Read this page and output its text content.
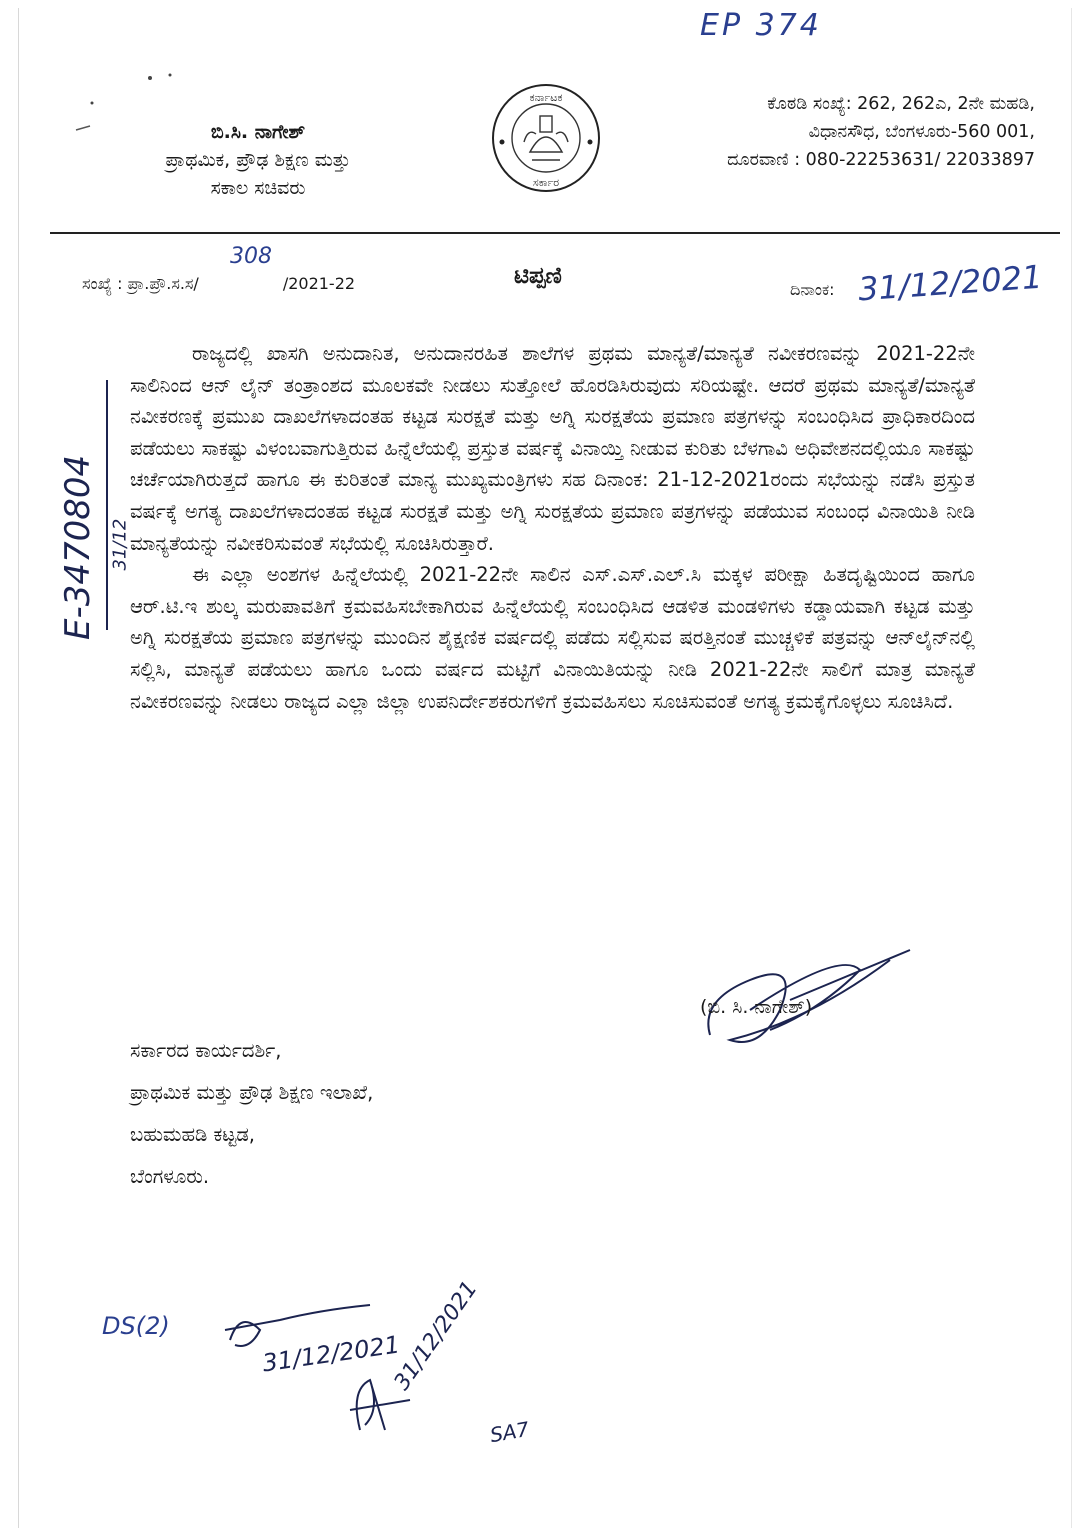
EP 374
ಬಿ.ಸಿ. ನಾಗೇಶ್
ಪ್ರಾಥಮಿಕ, ಪ್ರೌಢ ಶಿಕ್ಷಣ ಮತ್ತು
ಸಕಾಲ ಸಚಿವರು
ಕರ್ನಾಟಕ
ಸರ್ಕಾರ
ಕೊಠಡಿ ಸಂಖ್ಯೆ: 262, 262ಎ, 2ನೇ ಮಹಡಿ,
ವಿಧಾನಸೌಧ, ಬೆಂಗಳೂರು-560 001,
ದೂರವಾಣಿ : 080-22253631/ 22033897
ಸಂಖ್ಯೆ : ಪ್ರಾ.ಪ್ರೌ.ಸ.ಸ/	/2021-22
308
ಟಿಪ್ಪಣಿ
ದಿನಾಂಕ: 31/12/2021
E-3470804 31/12

ರಾಜ್ಯದಲ್ಲಿ ಖಾಸಗಿ ಅನುದಾನಿತ, ಅನುದಾನರಹಿತ ಶಾಲೆಗಳ ಪ್ರಥಮ ಮಾನ್ಯತೆ/ಮಾನ್ಯತೆ ನವೀಕರಣವನ್ನು 2021-22ನೇ ಸಾಲಿನಿಂದ ಆನ್ ಲೈನ್ ತಂತ್ರಾಂಶದ ಮೂಲಕವೇ ನೀಡಲು ಸುತ್ತೋಲೆ ಹೊರಡಿಸಿರುವುದು ಸರಿಯಷ್ಟೇ. ಆದರೆ ಪ್ರಥಮ ಮಾನ್ಯತೆ/ಮಾನ್ಯತೆ ನವೀಕರಣಕ್ಕೆ ಪ್ರಮುಖ ದಾಖಲೆಗಳಾದಂತಹ ಕಟ್ಟಡ ಸುರಕ್ಷತೆ ಮತ್ತು ಅಗ್ನಿ ಸುರಕ್ಷತೆಯ ಪ್ರಮಾಣ ಪತ್ರಗಳನ್ನು ಸಂಬಂಧಿಸಿದ ಪ್ರಾಧಿಕಾರದಿಂದ ಪಡೆಯಲು ಸಾಕಷ್ಟು ವಿಳಂಬವಾಗುತ್ತಿರುವ ಹಿನ್ನೆಲೆಯಲ್ಲಿ ಪ್ರಸ್ತುತ ವರ್ಷಕ್ಕೆ ವಿನಾಯ್ತಿ ನೀಡುವ ಕುರಿತು ಬೆಳಗಾವಿ ಅಧಿವೇಶನದಲ್ಲಿಯೂ ಸಾಕಷ್ಟು ಚರ್ಚೆಯಾಗಿರುತ್ತದೆ ಹಾಗೂ ಈ ಕುರಿತಂತೆ ಮಾನ್ಯ ಮುಖ್ಯಮಂತ್ರಿಗಳು ಸಹ ದಿನಾಂಕ: 21-12-2021ರಂದು ಸಭೆಯನ್ನು ನಡೆಸಿ ಪ್ರಸ್ತುತ ವರ್ಷಕ್ಕೆ ಅಗತ್ಯ ದಾಖಲೆಗಳಾದಂತಹ ಕಟ್ಟಡ ಸುರಕ್ಷತೆ ಮತ್ತು ಅಗ್ನಿ ಸುರಕ್ಷತೆಯ ಪ್ರಮಾಣ ಪತ್ರಗಳನ್ನು ಪಡೆಯುವ ಸಂಬಂಧ ವಿನಾಯಿತಿ ನೀಡಿ ಮಾನ್ಯತೆಯನ್ನು ನವೀಕರಿಸುವಂತೆ ಸಭೆಯಲ್ಲಿ ಸೂಚಿಸಿರುತ್ತಾರೆ.

ಈ ಎಲ್ಲಾ ಅಂಶಗಳ ಹಿನ್ನೆಲೆಯಲ್ಲಿ 2021-22ನೇ ಸಾಲಿನ ಎಸ್.ಎಸ್.ಎಲ್.ಸಿ ಮಕ್ಕಳ ಪರೀಕ್ಷಾ ಹಿತದೃಷ್ಟಿಯಿಂದ ಹಾಗೂ ಆರ್.ಟಿ.ಇ ಶುಲ್ಕ ಮರುಪಾವತಿಗೆ ಕ್ರಮವಹಿಸಬೇಕಾಗಿರುವ ಹಿನ್ನೆಲೆಯಲ್ಲಿ ಸಂಬಂಧಿಸಿದ ಆಡಳಿತ ಮಂಡಳಿಗಳು ಕಡ್ಡಾಯವಾಗಿ ಕಟ್ಟಡ ಮತ್ತು ಅಗ್ನಿ ಸುರಕ್ಷತೆಯ ಪ್ರಮಾಣ ಪತ್ರಗಳನ್ನು ಮುಂದಿನ ಶೈಕ್ಷಣಿಕ ವರ್ಷದಲ್ಲಿ ಪಡೆದು ಸಲ್ಲಿಸುವ ಷರತ್ತಿನಂತೆ ಮುಚ್ಚಳಿಕೆ ಪತ್ರವನ್ನು ಆನ್‌ಲೈನ್‌ನಲ್ಲಿ ಸಲ್ಲಿಸಿ, ಮಾನ್ಯತೆ ಪಡೆಯಲು ಹಾಗೂ ಒಂದು ವರ್ಷದ ಮಟ್ಟಿಗೆ ವಿನಾಯಿತಿಯನ್ನು ನೀಡಿ 2021-22ನೇ ಸಾಲಿಗೆ ಮಾತ್ರ ಮಾನ್ಯತೆ ನವೀಕರಣವನ್ನು ನೀಡಲು ರಾಜ್ಯದ ಎಲ್ಲಾ ಜಿಲ್ಲಾ ಉಪನಿರ್ದೇಶಕರುಗಳಿಗೆ ಕ್ರಮವಹಿಸಲು ಸೂಚಿಸುವಂತೆ ಅಗತ್ಯ ಕ್ರಮಕೈಗೊಳ್ಳಲು ಸೂಚಿಸಿದೆ.

(ಬಿ. ಸಿ. ನಾಗೇಶ್)
ಸರ್ಕಾರದ ಕಾರ್ಯದರ್ಶಿ,
ಪ್ರಾಥಮಿಕ ಮತ್ತು ಪ್ರೌಢ ಶಿಕ್ಷಣ ಇಲಾಖೆ,
ಬಹುಮಹಡಿ ಕಟ್ಟಡ,
ಬೆಂಗಳೂರು.
DS(2)
31/12/2021
31/12/2021
SA7
